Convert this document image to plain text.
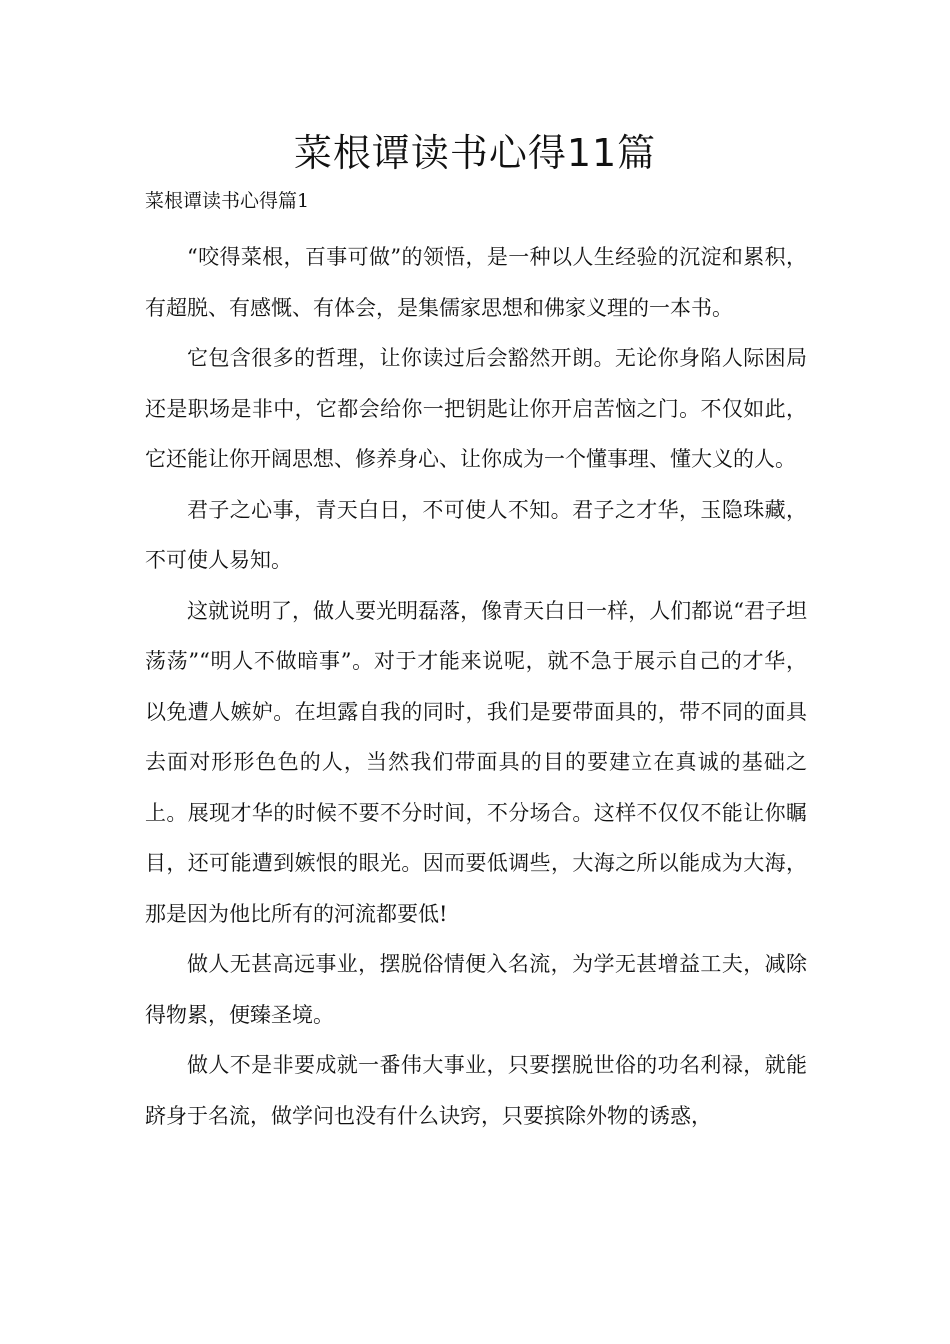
菜根谭读书心得11篇
菜根谭读书心得篇1

“咬得菜根，百事可做”的领悟，是一种以人生经验的沉淀和累积，有超脱、有感慨、有体会，是集儒家思想和佛家义理的一本书。

它包含很多的哲理，让你读过后会豁然开朗。无论你身陷人际困局还是职场是非中，它都会给你一把钥匙让你开启苦恼之门。不仅如此，它还能让你开阔思想、修养身心、让你成为一个懂事理、懂大义的人。

君子之心事，青天白日，不可使人不知。君子之才华，玉隐珠藏，不可使人易知。

这就说明了，做人要光明磊落，像青天白日一样，人们都说“君子坦荡荡”“明人不做暗事”。对于才能来说呢，就不急于展示自己的才华，以免遭人嫉妒。在坦露自我的同时，我们是要带面具的，带不同的面具去面对形形色色的人，当然我们带面具的目的要建立在真诚的基础之上。展现才华的时候不要不分时间，不分场合。这样不仅仅不能让你瞩目，还可能遭到嫉恨的眼光。因而要低调些，大海之所以能成为大海，那是因为他比所有的河流都要低!

做人无甚高远事业，摆脱俗情便入名流，为学无甚增益工夫，减除得物累，便臻圣境。

做人不是非要成就一番伟大事业，只要摆脱世俗的功名利禄，就能跻身于名流，做学问也没有什么诀窍，只要摈除外物的诱惑，
